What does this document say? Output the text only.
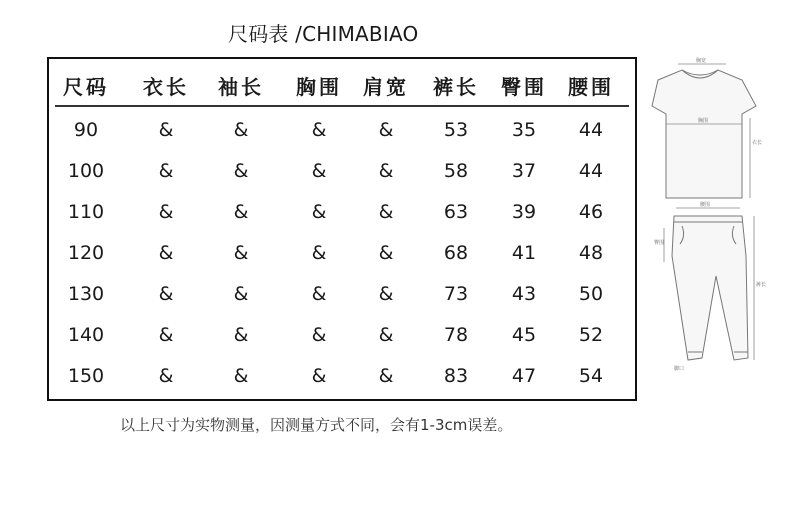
尺码表 /CHIMABIAO
尺码 衣长 袖长 胸围 肩宽 裤长 臀围 腰围
90	&	&	&	&	53 35 44
100	&	&	&	&	58 37 44
110	&	&	&	&	63 39 46
120	&	&	&	&	68 41 48
130	&	&	&	&	73 43 50
140	&	&	&	&	78 45 52
150	&	&	&	&	83 47 54
以上尺寸为实物测量，因测量方式不同，会有1-3cm误差。
胸宽
胸围
衣长
腰围
臀围
裤长
脚口
